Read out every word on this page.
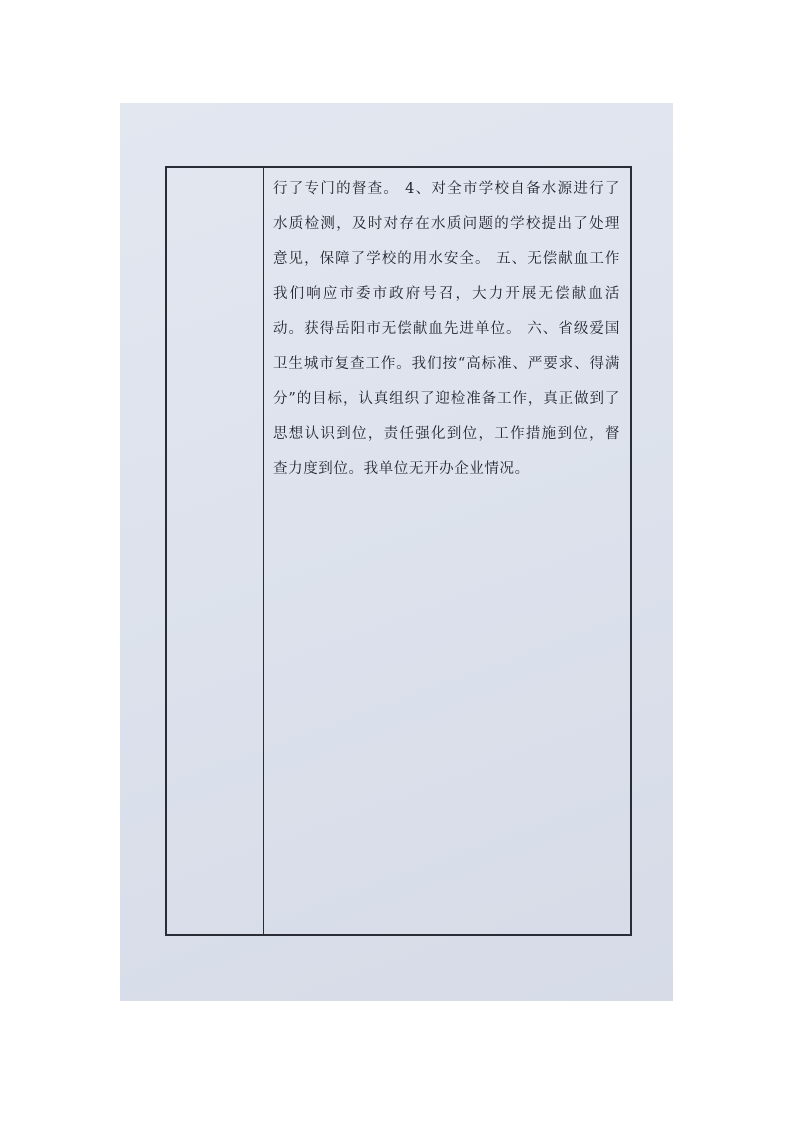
行了专门的督查。 4、对全市学校自备水源进行了水质检测，及时对存在水质问题的学校提出了处理意见，保障了学校的用水安全。 五、无偿献血工作 我们响应市委市政府号召，大力开展无偿献血活动。获得岳阳市无偿献血先进单位。 六、省级爱国卫生城市复查工作。我们按“高标准、严要求、得满分”的目标，认真组织了迎检准备工作，真正做到了思想认识到位，责任强化到位，工作措施到位，督查力度到位。我单位无开办企业情况。
